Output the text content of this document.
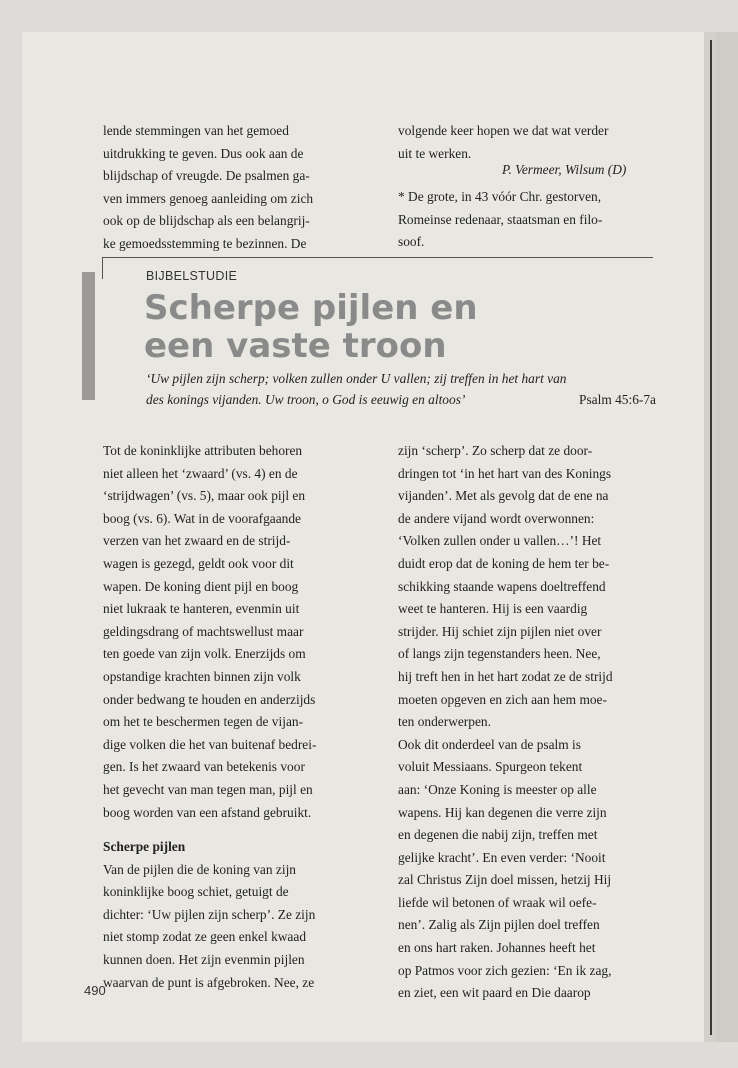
lende stemmingen van het gemoed
uitdrukking te geven. Dus ook aan de
blijdschap of vreugde. De psalmen ga-
ven immers genoeg aanleiding om zich
ook op de blijdschap als een belangrij-
ke gemoedsstemming te bezinnen. De
volgende keer hopen we dat wat verder
uit te werken.
P. Vermeer, Wilsum (D)
* De grote, in 43 vóór Chr. gestorven,
Romeinse redenaar, staatsman en filo-
soof.
BIJBELSTUDIE
Scherpe pijlen en
een vaste troon
‘Uw pijlen zijn scherp; volken zullen onder U vallen; zij treffen in het hart van
des konings vijanden. Uw troon, o God is eeuwig en altoos’	Psalm 45:6-7a
Tot de koninklijke attributen behoren
niet alleen het ‘zwaard’ (vs. 4) en de
‘strijdwagen’ (vs. 5), maar ook pijl en
boog (vs. 6). Wat in de voorafgaande
verzen van het zwaard en de strijd-
wagen is gezegd, geldt ook voor dit
wapen. De koning dient pijl en boog
niet lukraak te hanteren, evenmin uit
geldingsdrang of machtswellust maar
ten goede van zijn volk. Enerzijds om
opstandige krachten binnen zijn volk
onder bedwang te houden en anderzijds
om het te beschermen tegen de vijan-
dige volken die het van buitenaf bedrei-
gen. Is het zwaard van betekenis voor
het gevecht van man tegen man, pijl en
boog worden van een afstand gebruikt.
Scherpe pijlen
Van de pijlen die de koning van zijn
koninklijke boog schiet, getuigt de
dichter: ‘Uw pijlen zijn scherp’. Ze zijn
niet stomp zodat ze geen enkel kwaad
kunnen doen. Het zijn evenmin pijlen
waarvan de punt is afgebroken. Nee, ze
zijn ‘scherp’. Zo scherp dat ze door-
dringen tot ‘in het hart van des Konings
vijanden’. Met als gevolg dat de ene na
de andere vijand wordt overwonnen:
‘Volken zullen onder u vallen…’! Het
duidt erop dat de koning de hem ter be-
schikking staande wapens doeltreffend
weet te hanteren. Hij is een vaardig
strijder. Hij schiet zijn pijlen niet over
of langs zijn tegenstanders heen. Nee,
hij treft hen in het hart zodat ze de strijd
moeten opgeven en zich aan hem moe-
ten onderwerpen.
Ook dit onderdeel van de psalm is
voluit Messiaans. Spurgeon tekent
aan: ‘Onze Koning is meester op alle
wapens. Hij kan degenen die verre zijn
en degenen die nabij zijn, treffen met
gelijke kracht’. En even verder: ‘Nooit
zal Christus Zijn doel missen, hetzij Hij
liefde wil betonen of wraak wil oefe-
nen’. Zalig als Zijn pijlen doel treffen
en ons hart raken. Johannes heeft het
op Patmos voor zich gezien: ‘En ik zag,
en ziet, een wit paard en Die daarop
490
